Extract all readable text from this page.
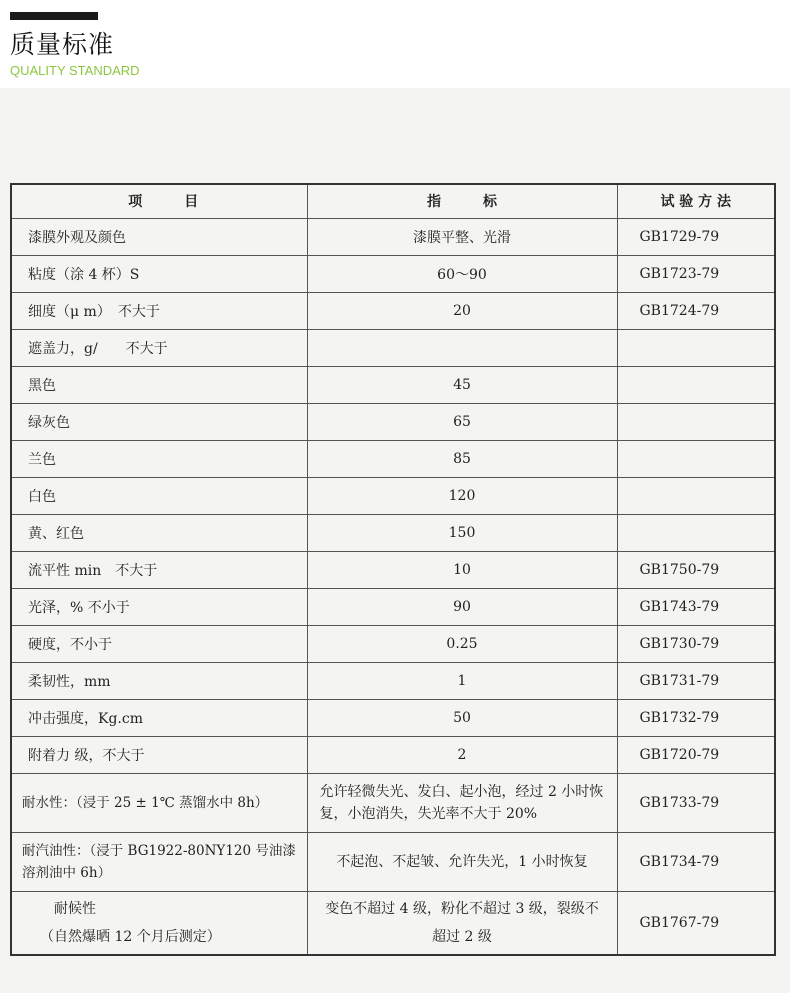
质量标准
QUALITY STANDARD
项　　　目	指　　　标	试 验 方 法
漆膜外观及颜色	漆膜平整、光滑	GB1729-79
粘度（涂 4 杯）S	60～90	GB1723-79
细度（μ m）　不大于	20	GB1724-79
遮盖力，g/　　不大于		
黑色	45	
绿灰色	65	
兰色	85	
白色	120	
黄、红色	150	
流平性 min　不大于	10	GB1750-79
光泽，% 不小于	90	GB1743-79
硬度，不小于	0.25	GB1730-79
柔韧性，mm	1	GB1731-79
冲击强度，Kg.cm	50	GB1732-79
附着力 级，不大于	2	GB1720-79
耐水性：（浸于 25 ± 1℃ 蒸馏水中 8h）	允许轻微失光、发白、起小泡，经过 2 小时恢复，小泡消失，失光率不大于 20%	GB1733-79
耐汽油性：（浸于 BG1922-80NY120 号油漆溶剂油中 6h）	不起泡、不起皱、允许失光，1 小时恢复	GB1734-79

耐候性
（自然爆晒 12 个月后测定）	变色不超过 4 级，粉化不超过 3 级，裂级不超过 2 级	GB1767-79
